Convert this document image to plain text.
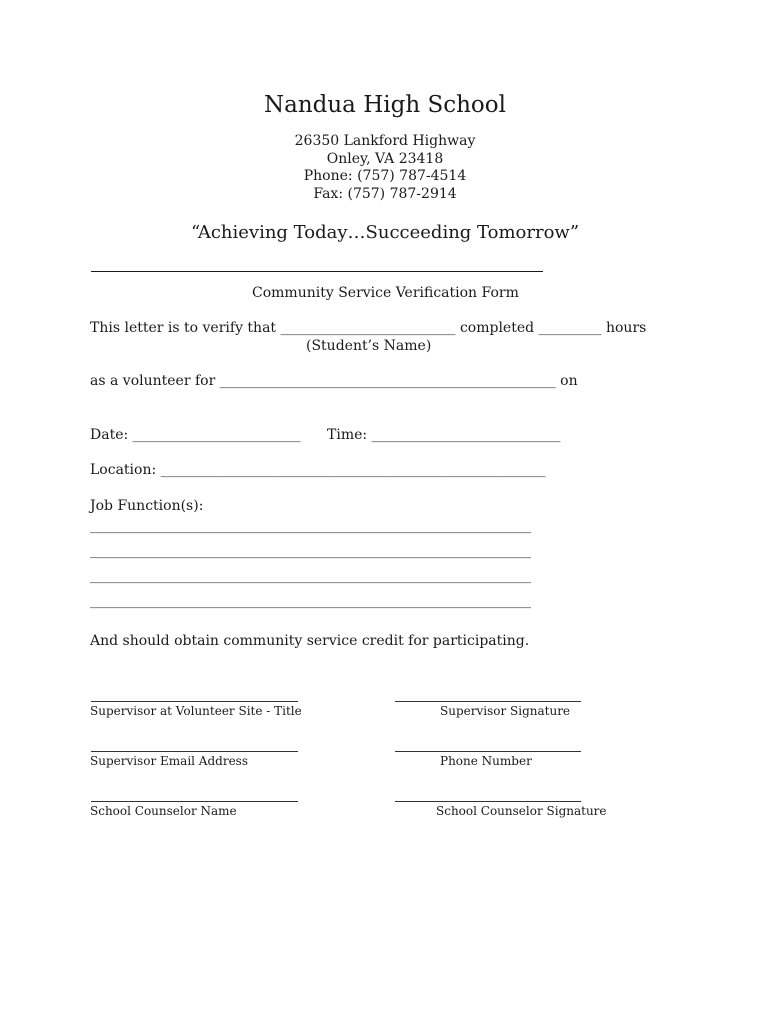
Nandua High School
26350 Lankford Highway
Onley, VA 23418
Phone: (757) 787-4514
Fax: (757) 787-2914
“Achieving Today…Succeeding Tomorrow”
Community Service Verification Form
This letter is to verify that _________________________ completed _________ hours
(Student’s Name)
as a volunteer for ________________________________________________ on
Date: ________________________ Time: ___________________________
Location: _______________________________________________________
Job Function(s):
_______________________________________________________________
_______________________________________________________________
_______________________________________________________________
_______________________________________________________________
And should obtain community service credit for participating.
Supervisor at Volunteer Site - Title	Supervisor Signature
Supervisor Email Address	Phone Number
School Counselor Name	School Counselor Signature
